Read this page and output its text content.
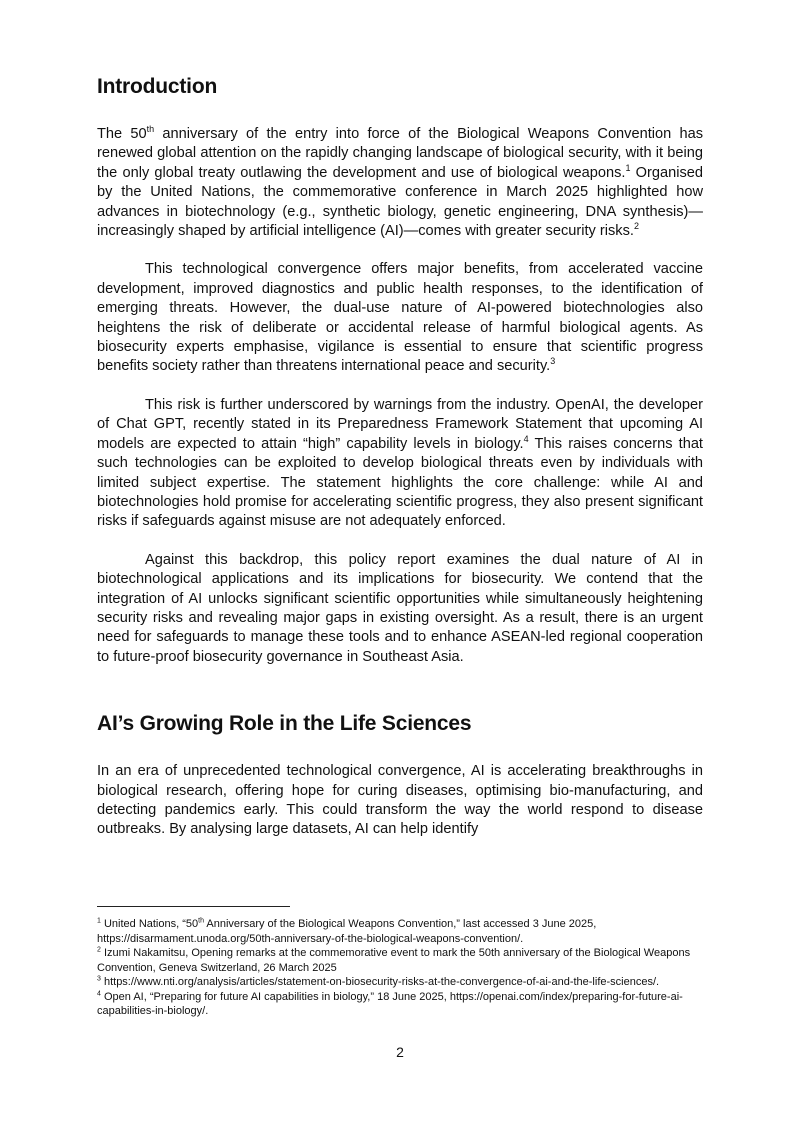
Introduction

The 50th anniversary of the entry into force of the Biological Weapons Convention has renewed global attention on the rapidly changing landscape of biological security, with it being the only global treaty outlawing the development and use of biological weapons.$^1$ Organised by the United Nations, the commemorative conference in March 2025 highlighted how advances in biotechnology (e.g., synthetic biology, genetic engineering, DNA synthesis)—increasingly shaped by artificial intelligence (AI)—comes with greater security risks.$^2$

This technological convergence offers major benefits, from accelerated vaccine development, improved diagnostics and public health responses, to the identification of emerging threats. However, the dual-use nature of AI-powered biotechnologies also heightens the risk of deliberate or accidental release of harmful biological agents. As biosecurity experts emphasise, vigilance is essential to ensure that scientific progress benefits society rather than threatens international peace and security.$^3$

This risk is further underscored by warnings from the industry. OpenAI, the developer of Chat GPT, recently stated in its Preparedness Framework Statement that upcoming AI models are expected to attain “high” capability levels in biology.$^4$ This raises concerns that such technologies can be exploited to develop biological threats even by individuals with limited subject expertise. The statement highlights the core challenge: while AI and biotechnologies hold promise for accelerating scientific progress, they also present significant risks if safeguards against misuse are not adequately enforced.

Against this backdrop, this policy report examines the dual nature of AI in biotechnological applications and its implications for biosecurity. We contend that the integration of AI unlocks significant scientific opportunities while simultaneously heightening security risks and revealing major gaps in existing oversight. As a result, there is an urgent need for safeguards to manage these tools and to enhance ASEAN-led regional cooperation to future-proof biosecurity governance in Southeast Asia.

AI’s Growing Role in the Life Sciences

In an era of unprecedented technological convergence, AI is accelerating breakthroughs in biological research, offering hope for curing diseases, optimising bio-manufacturing, and detecting pandemics early. This could transform the way the world respond to disease outbreaks. By analysing large datasets, AI can help identify

$^1$ United Nations, “50th Anniversary of the Biological Weapons Convention,” last accessed 3 June 2025, https://disarmament.unoda.org/50th-anniversary-of-the-biological-weapons-convention/.

$^2$ Izumi Nakamitsu, Opening remarks at the commemorative event to mark the 50th anniversary of the Biological Weapons Convention, Geneva Switzerland, 26 March 2025

$^3$ https://www.nti.org/analysis/articles/statement-on-biosecurity-risks-at-the-convergence-of-ai-and-the-life-sciences/.

$^4$ Open AI, “Preparing for future AI capabilities in biology,” 18 June 2025, https://openai.com/index/preparing-for-future-ai-capabilities-in-biology/.

2
